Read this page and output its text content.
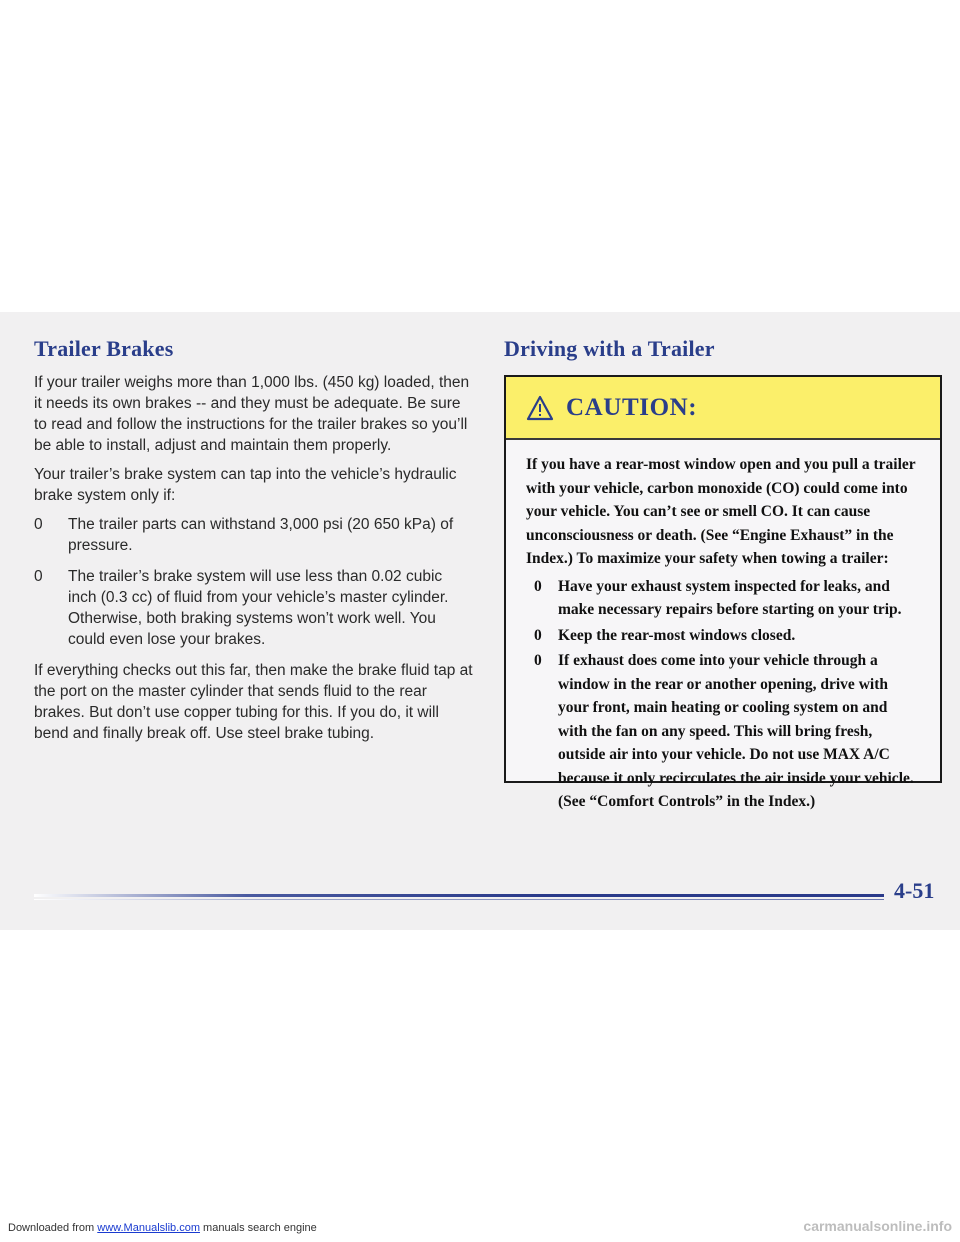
Trailer Brakes

If your trailer weighs more than 1,000 lbs. (450 kg) loaded, then it needs its own brakes -- and they must be adequate. Be sure to read and follow the instructions for the trailer brakes so you’ll be able to install, adjust and maintain them properly.

Your trailer’s brake system can tap into the vehicle’s hydraulic brake system only if:

0 The trailer parts can withstand 3,000 psi (20 650 kPa) of pressure.
0 The trailer’s brake system will use less than 0.02 cubic inch (0.3 cc) of fluid from your vehicle’s master cylinder. Otherwise, both braking systems won’t work well. You could even lose your brakes.

If everything checks out this far, then make the brake fluid tap at the port on the master cylinder that sends fluid to the rear brakes. But don’t use copper tubing for this. If you do, it will bend and finally break off. Use steel brake tubing.

Driving with a Trailer
CAUTION:

If you have a rear-most window open and you pull a trailer with your vehicle, carbon monoxide (CO) could come into your vehicle. You can’t see or smell CO. It can cause unconsciousness or death. (See “Engine Exhaust” in the Index.) To maximize your safety when towing a trailer:

0 Have your exhaust system inspected for leaks, and make necessary repairs before starting on your trip.
0 Keep the rear-most windows closed.
0 If exhaust does come into your vehicle through a window in the rear or another opening, drive with your front, main heating or cooling system on and with the fan on any speed. This will bring fresh, outside air into your vehicle. Do not use MAX A/C because it only recirculates the air inside your vehicle. (See “Comfort Controls” in the Index.)
4-51
Downloaded from www.Manualslib.com manuals search engine	carmanualsonline.info
